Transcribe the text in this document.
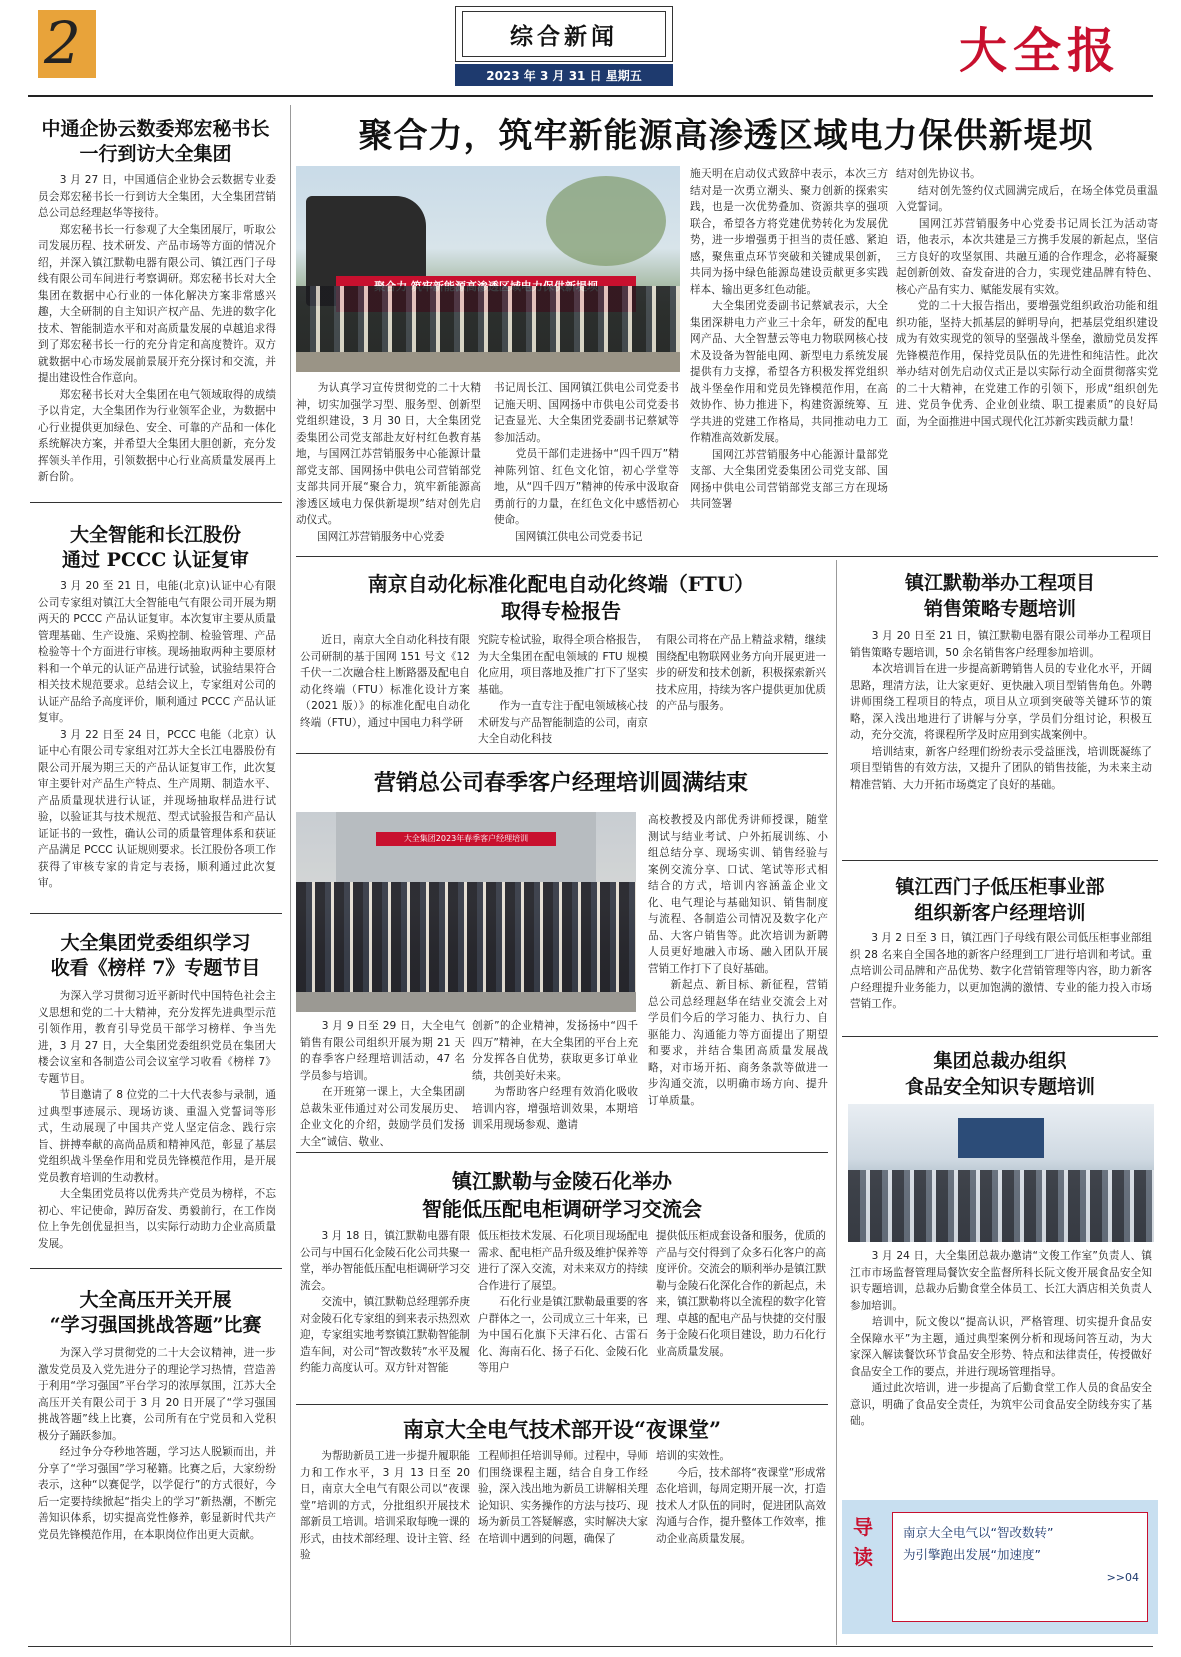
2	综合新闻
2023 年 3 月 31 日 星期五	大全报
中通企协云数委郑宏秘书长
一行到访大全集团
　　3 月 27 日，中国通信企业协会云数据专业委员会郑宏秘书长一行到访大全集团，大全集团营销总公司总经理赵华等接待。
　　郑宏秘书长一行参观了大全集团展厅，听取公司发展历程、技术研发、产品市场等方面的情况介绍，并深入镇江默勒电器有限公司、镇江西门子母线有限公司车间进行考察调研。郑宏秘书长对大全集团在数据中心行业的一体化解决方案非常感兴趣，大全研制的自主知识产权产品、先进的数字化技术、智能制造水平和对高质量发展的卓越追求得到了郑宏秘书长一行的充分肯定和高度赞许。双方就数据中心市场发展前景展开充分探讨和交流，并提出建设性合作意向。
　　郑宏秘书长对大全集团在电气领域取得的成绩予以肯定，大全集团作为行业领军企业，为数据中心行业提供更加绿色、安全、可靠的产品和一体化系统解决方案，并希望大全集团大胆创新，充分发挥领头羊作用，引领数据中心行业高质量发展再上新台阶。
大全智能和长江股份
通过 PCCC 认证复审
　　3 月 20 至 21 日，电能(北京)认证中心有限公司专家组对镇江大全智能电气有限公司开展为期两天的 PCCC 产品认证复审。本次复审主要从质量管理基础、生产设施、采购控制、检验管理、产品检验等十个方面进行审核。现场抽取两种主要原材料和一个单元的认证产品进行试验，试验结果符合相关技术规范要求。总结会议上，专家组对公司的认证产品给予高度评价，顺利通过 PCCC 产品认证复审。
　　3 月 22 日至 24 日，PCCC 电能（北京）认证中心有限公司专家组对江苏大全长江电器股份有限公司开展为期三天的产品认证复审工作，此次复审主要针对产品生产特点、生产周期、制造水平、产品质量现状进行认证，并现场抽取样品进行试验，以验证其与技术规范、型式试验报告和产品认证证书的一致性，确认公司的质量管理体系和获证产品满足 PCCC 认证规则要求。长江股份各项工作获得了审核专家的肯定与表扬，顺利通过此次复审。
大全集团党委组织学习
收看《榜样 7》专题节目
　　为深入学习贯彻习近平新时代中国特色社会主义思想和党的二十大精神，充分发挥先进典型示范引领作用，教育引导党员干部学习榜样、争当先进，3 月 27 日，大全集团党委组织党员在集团大楼会议室和各制造公司会议室学习收看《榜样 7》专题节目。
　　节目邀请了 8 位党的二十大代表参与录制，通过典型事迹展示、现场访谈、重温入党誓词等形式，生动展现了中国共产党人坚定信念、践行宗旨、拼搏奉献的高尚品质和精神风范，彰显了基层党组织战斗堡垒作用和党员先锋模范作用，是开展党员教育培训的生动教材。
　　大全集团党员将以优秀共产党员为榜样，不忘初心、牢记使命，踔厉奋发、勇毅前行，在工作岗位上争先创优显担当，以实际行动助力企业高质量发展。
大全高压开关开展
“学习强国挑战答题”比赛
　　为深入学习贯彻党的二十大会议精神，进一步激发党员及入党先进分子的理论学习热情，营造善于利用“学习强国”平台学习的浓厚氛围，江苏大全高压开关有限公司于 3 月 20 日开展了“学习强国挑战答题”线上比赛，公司所有在宁党员和入党积极分子踊跃参加。
　　经过争分夺秒地答题，学习达人脱颖而出，并分享了“学习强国”学习秘籍。比赛之后，大家纷纷表示，这种“以赛促学，以学促行”的方式很好，今后一定要持续掀起“指尖上的学习”新热潮，不断完善知识体系，切实提高党性修养，彰显新时代共产党员先锋模范作用，在本职岗位作出更大贡献。
聚合力，筑牢新能源高渗透区域电力保供新堤坝
　　为认真学习宣传贯彻党的二十大精神，切实加强学习型、服务型、创新型党组织建设，3 月 30 日，大全集团党委集团公司党支部赴友好村红色教育基地，与国网江苏营销服务中心能源计量部党支部、国网扬中供电公司营销部党支部共同开展“聚合力，筑牢新能源高渗透区域电力保供新堤坝”结对创先启动仪式。
　　国网江苏营销服务中心党委
书记周长江、国网镇江供电公司党委书记施天明、国网扬中市供电公司党委书记查显光、大全集团党委副书记蔡斌等参加活动。
　　党员干部们走进扬中“四千四万”精神陈列馆、红色文化馆，初心学堂等地，从“四千四万”精神的传承中汲取奋勇前行的力量，在红色文化中感悟初心使命。
　　国网镇江供电公司党委书记
施天明在启动仪式致辞中表示，本次三方结对是一次勇立潮头、聚力创新的探索实践，也是一次优势叠加、资源共享的强项联合，希望各方将党建优势转化为发展优势，进一步增强勇于担当的责任感、紧迫感，聚焦重点环节突破和关键成果创新，共同为扬中绿色能源岛建设贡献更多实践样本、输出更多红色动能。
　　大全集团党委副书记蔡斌表示，大全集团深耕电力产业三十余年，研发的配电网产品、大全智慧云等电力物联网核心技术及设备为智能电网、新型电力系统发展提供有力支撑，希望各方积极发挥党组织战斗堡垒作用和党员先锋模范作用，在高效协作、协力推进下，构建资源统筹、互学共进的党建工作格局，共同推动电力工作精准高效新发展。
　　国网江苏营销服务中心能源计量部党支部、大全集团党委集团公司党支部、国网扬中供电公司营销部党支部三方在现场共同签署
结对创先协议书。
　　结对创先签约仪式圆满完成后，在场全体党员重温入党誓词。
　　国网江苏营销服务中心党委书记周长江为活动寄语，他表示，本次共建是三方携手发展的新起点，坚信三方良好的攻坚氛围、共融互通的合作理念，必将凝聚起创新创效、奋发奋进的合力，实现党建品牌有特色、核心产品有实力、赋能发展有实效。
　　党的二十大报告指出，要增强党组织政治功能和组织功能，坚持大抓基层的鲜明导向，把基层党组织建设成为有效实现党的领导的坚强战斗堡垒，激励党员发挥先锋模范作用，保持党员队伍的先进性和纯洁性。此次举办结对创先启动仪式正是以实际行动全面贯彻落实党的二十大精神，在党建工作的引领下，形成“组织创先进、党员争优秀、企业创业绩、职工提素质”的良好局面，为全面推进中国式现代化江苏新实践贡献力量！
南京自动化标准化配电自动化终端（FTU）
取得专检报告
　　近日，南京大全自动化科技有限公司研制的基于国网 151 号文《12 千伏一二次融合柱上断路器及配电自动化终端（FTU）标准化设计方案（2021 版）》的标准化配电自动化终端（FTU），通过中国电力科学研
究院专检试验，取得全项合格报告，为大全集团在配电领域的 FTU 规模化应用，项目落地及推广打下了坚实基础。
　　作为一直专注于配电领域核心技术研发与产品智能制造的公司，南京大全自动化科技
有限公司将在产品上精益求精，继续围绕配电物联网业务方向开展更进一步的研发和技术创新，积极探索新兴技术应用，持续为客户提供更加优质的产品与服务。
营销总公司春季客户经理培训圆满结束
大全集团2023年春季客户经理培训
高校教授及内部优秀讲师授课，随堂测试与结业考试、户外拓展训练、小组总结分享、现场实训、销售经验与案例交流分享、口试、笔试等形式相结合的方式，培训内容涵盖企业文化、电气理论与基础知识、销售制度与流程、各制造公司情况及数字化产品、大客户销售等。此次培训为新聘人员更好地融入市场、融入团队开展营销工作打下了良好基础。
　　新起点、新目标、新征程，营销总公司总经理赵华在结业交流会上对学员们今后的学习能力、执行力、自驱能力、沟通能力等方面提出了期望和要求，并结合集团高质量发展战略，对市场开拓、商务条款等做进一步沟通交流，以明确市场方向、提升订单质量。
　　3 月 9 日至 29 日，大全电气销售有限公司组织开展为期 21 天的春季客户经理培训活动，47 名学员参与培训。
　　在开班第一课上，大全集团副总裁朱亚伟通过对公司发展历史、企业文化的介绍，鼓励学员们发扬大全“诚信、敬业、
创新”的企业精神，发扬扬中“四千四万”精神，在大全集团的平台上充分发挥各自优势，获取更多订单业绩，共创美好未来。
　　为帮助客户经理有效消化吸收培训内容，增强培训效果，本期培训采用现场参观、邀请
镇江默勒与金陵石化举办
智能低压配电柜调研学习交流会
　　3 月 18 日，镇江默勒电器有限公司与中国石化金陵石化公司共聚一堂，举办智能低压配电柜调研学习交流会。
　　交流中，镇江默勒总经理郭乔庚对金陵石化专家组的到来表示热烈欢迎，专家组实地考察镇江默勒智能制造车间，对公司“智改数转”水平及履约能力高度认可。双方针对智能
低压柜技术发展、石化项目现场配电需求、配电柜产品升级及维护保养等进行了深入交流，对未来双方的持续合作进行了展望。
　　石化行业是镇江默勒最重要的客户群体之一，公司成立三十年来，已为中国石化旗下天津石化、古雷石化、海南石化、扬子石化、金陵石化等用户
提供低压柜成套设备和服务，优质的产品与交付得到了众多石化客户的高度评价。交流会的顺利举办是镇江默勒与金陵石化深化合作的新起点，未来，镇江默勒将以全流程的数字化管理、卓越的配电产品与快捷的交付服务于金陵石化项目建设，助力石化行业高质量发展。
南京大全电气技术部开设“夜课堂”
　　为帮助新员工进一步提升履职能力和工作水平，3 月 13 日至 20 日，南京大全电气有限公司以“夜课堂”培训的方式，分批组织开展技术部新员工培训。培训采取每晚一课的形式，由技术部经理、设计主管、经验
工程师担任培训导师。过程中，导师们围绕课程主题，结合自身工作经验，深入浅出地为新员工讲解相关理论知识、实务操作的方法与技巧、现场为新员工答疑解惑，实时解决大家在培训中遇到的问题，确保了
培训的实效性。
　　今后，技术部将“夜课堂”形成常态化培训，每周定期开展一次，打造技术人才队伍的同时，促进团队高效沟通与合作，提升整体工作效率，推动企业高质量发展。
镇江默勒举办工程项目
销售策略专题培训
　　3 月 20 日至 21 日，镇江默勒电器有限公司举办工程项目销售策略专题培训，50 余名销售客户经理参加培训。
　　本次培训旨在进一步提高新聘销售人员的专业化水平，开阔思路，理清方法，让大家更好、更快融入项目型销售角色。外聘讲师围绕工程项目的特点，项目从立项到突破等关键环节的策略，深入浅出地进行了讲解与分享，学员们分组讨论，积极互动，充分交流，将课程所学及时应用到实战案例中。
　　培训结束，新客户经理们纷纷表示受益匪浅，培训既凝练了项目型销售的有效方法，又提升了团队的销售技能，为未来主动精准营销、大力开拓市场奠定了良好的基础。
镇江西门子低压柜事业部
组织新客户经理培训
　　3 月 2 日至 3 日，镇江西门子母线有限公司低压柜事业部组织 28 名来自全国各地的新客户经理到工厂进行培训和考试。重点培训公司品牌和产品优势、数字化营销管理等内容，助力新客户经理提升业务能力，以更加饱满的激情、专业的能力投入市场营销工作。
集团总裁办组织
食品安全知识专题培训
　　3 月 24 日，大全集团总裁办邀请“文俊工作室”负责人、镇江市市场监督管理局餐饮安全监督所科长阮文俊开展食品安全知识专题培训，总裁办后勤食堂全体员工、长江大酒店相关负责人参加培训。
　　培训中，阮文俊以“提高认识，严格管理、切实提升食品安全保障水平”为主题，通过典型案例分析和现场问答互动，为大家深入解读餐饮环节食品安全形势、特点和法律责任，传授做好食品安全工作的要点，并进行现场管理指导。
　　通过此次培训，进一步提高了后勤食堂工作人员的食品安全意识，明确了食品安全责任，为筑牢公司食品安全防线夯实了基础。
导
读
南京大全电气以“智改数转”
为引擎跑出发展“加速度”
>>04
